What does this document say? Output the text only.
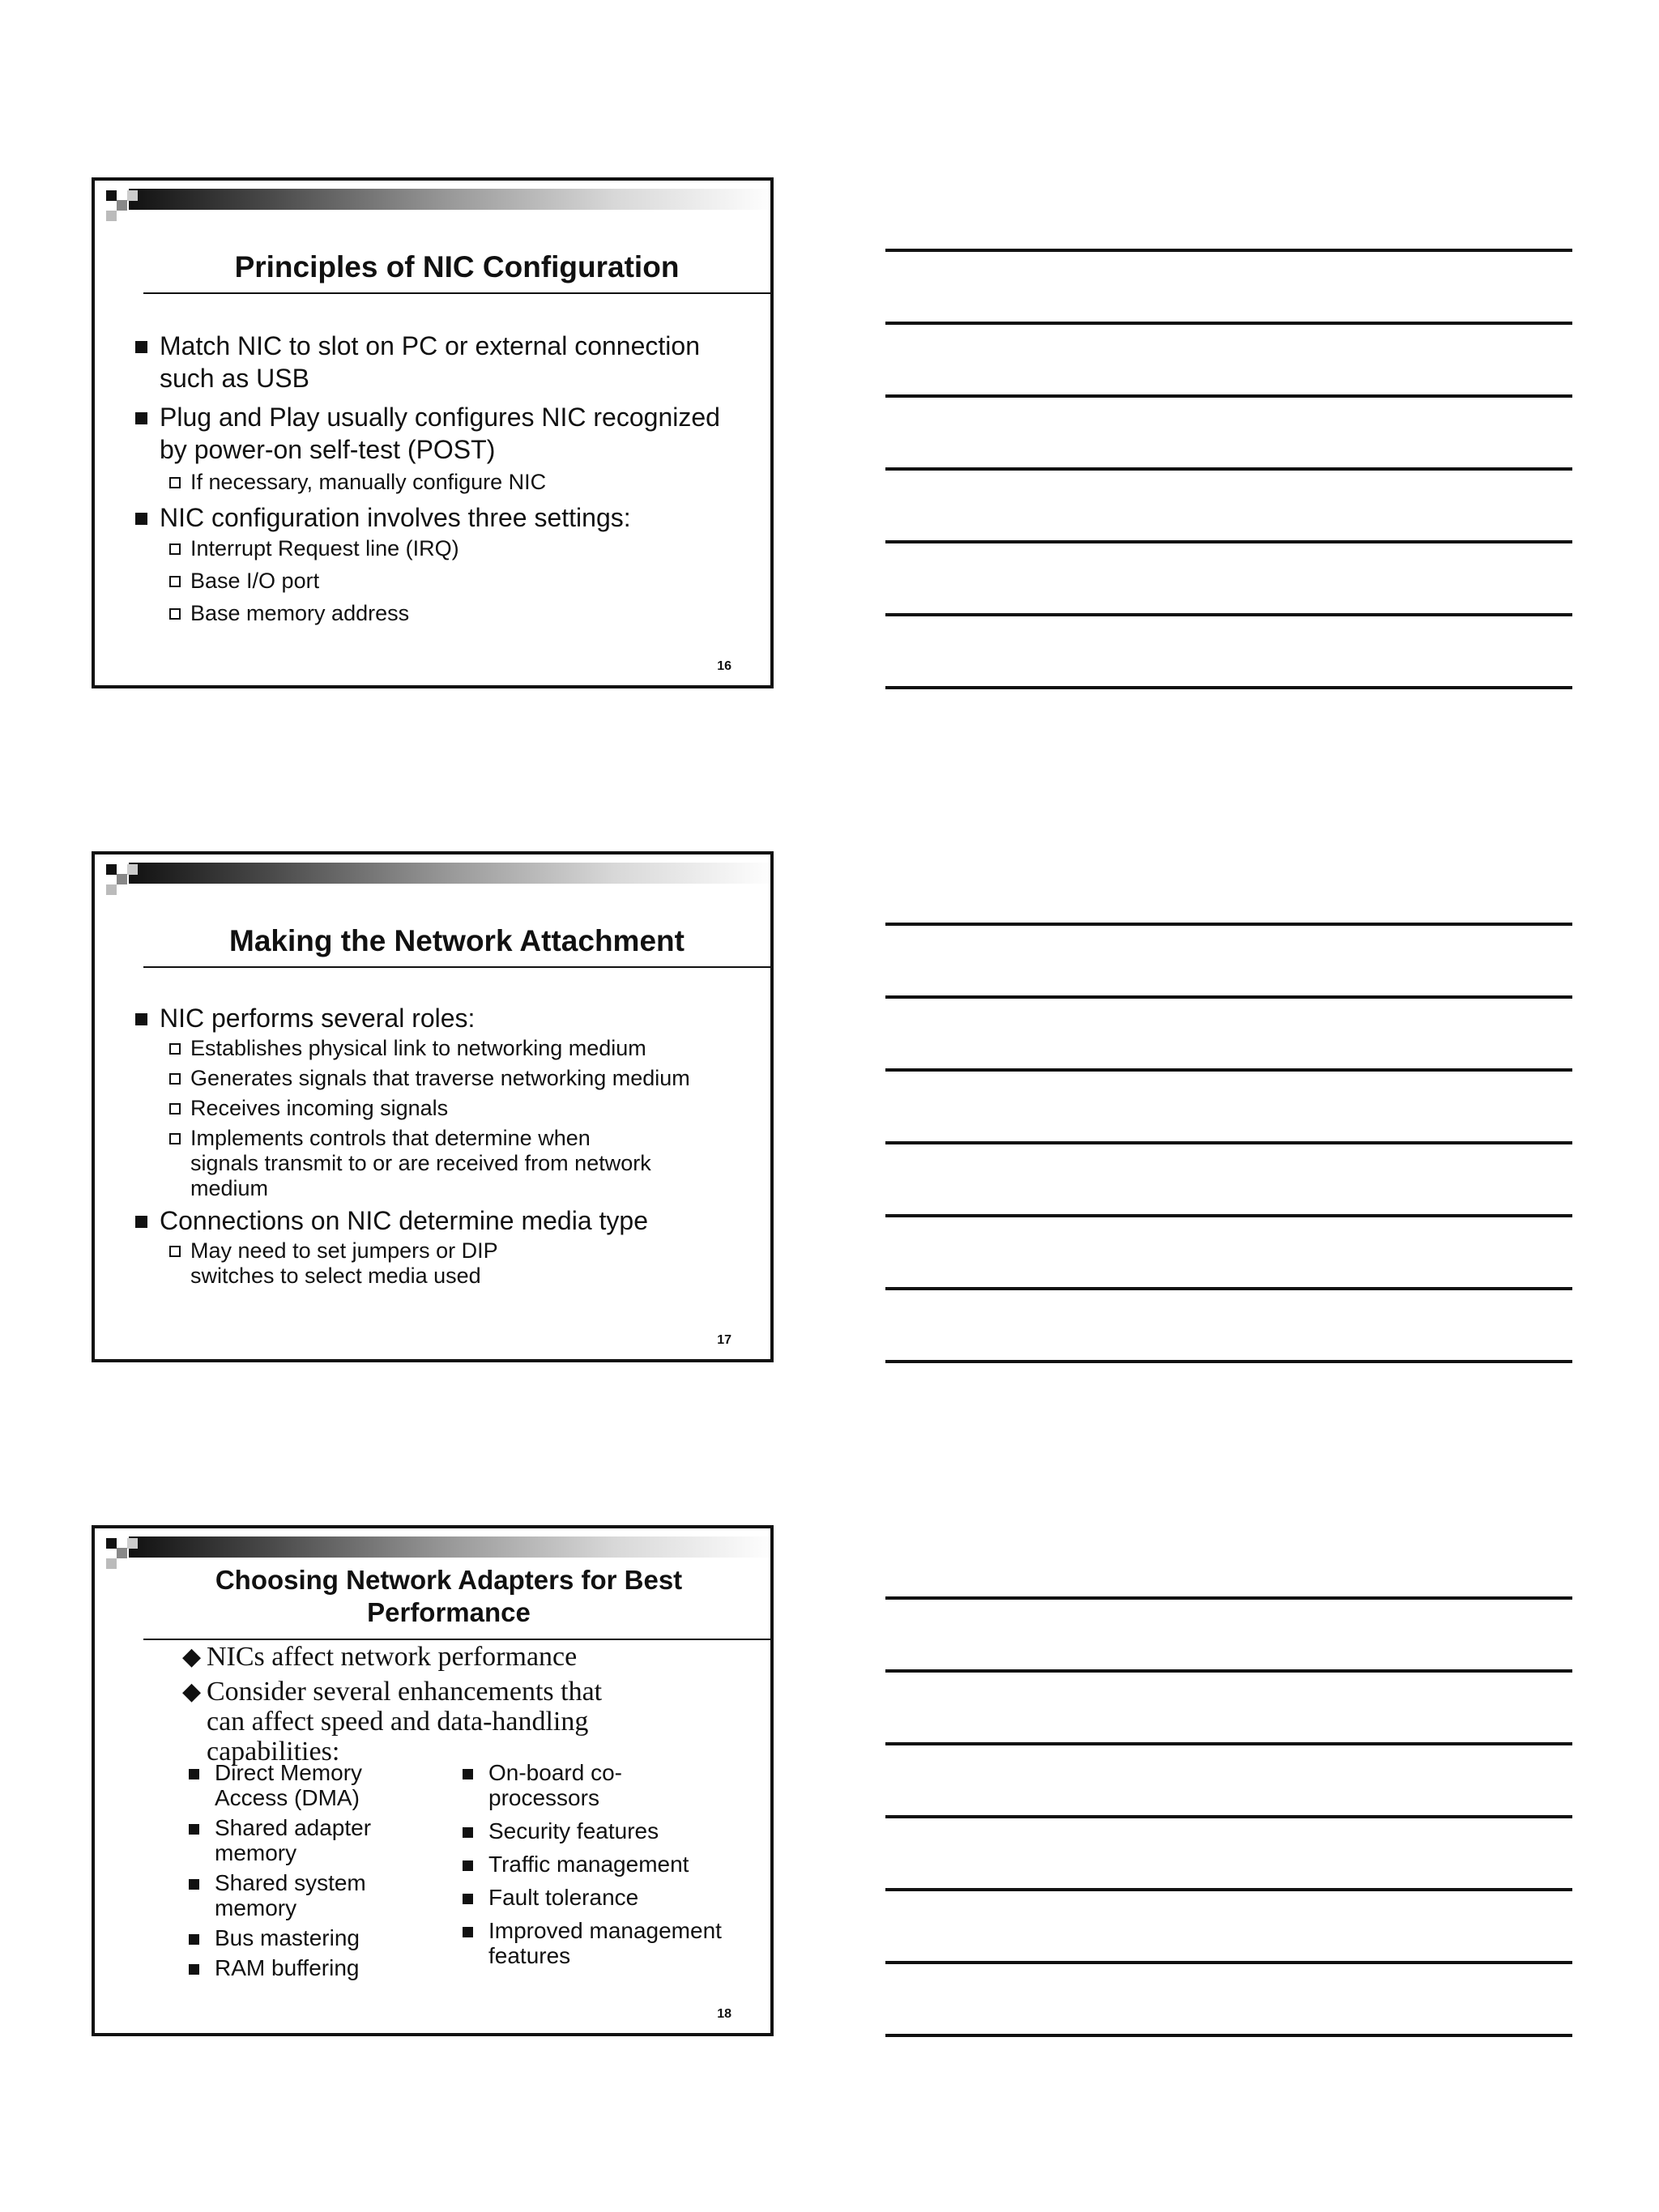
Principles of NIC Configuration
Match NIC to slot on PC or external connection such as USB
Plug and Play usually configures NIC recognized by power-on self-test (POST)
If necessary, manually configure NIC
NIC configuration involves three settings:
Interrupt Request line (IRQ)
Base I/O port
Base memory address
16
Making the Network Attachment
NIC performs several roles:
Establishes physical link to networking medium
Generates signals that traverse networking medium
Receives incoming signals
Implements controls that determine when signals transmit to or are received from network medium
Connections on NIC determine media type
May need to set jumpers or DIP switches to select media used
17
Choosing Network Adapters for Best Performance
◆ NICs affect network performance
◆ Consider several enhancements that can affect speed and data-handling capabilities:
Direct Memory Access (DMA)
Shared adapter memory
Shared system memory
Bus mastering
RAM buffering
On-board co-processors
Security features
Traffic management
Fault tolerance
Improved management features
18
